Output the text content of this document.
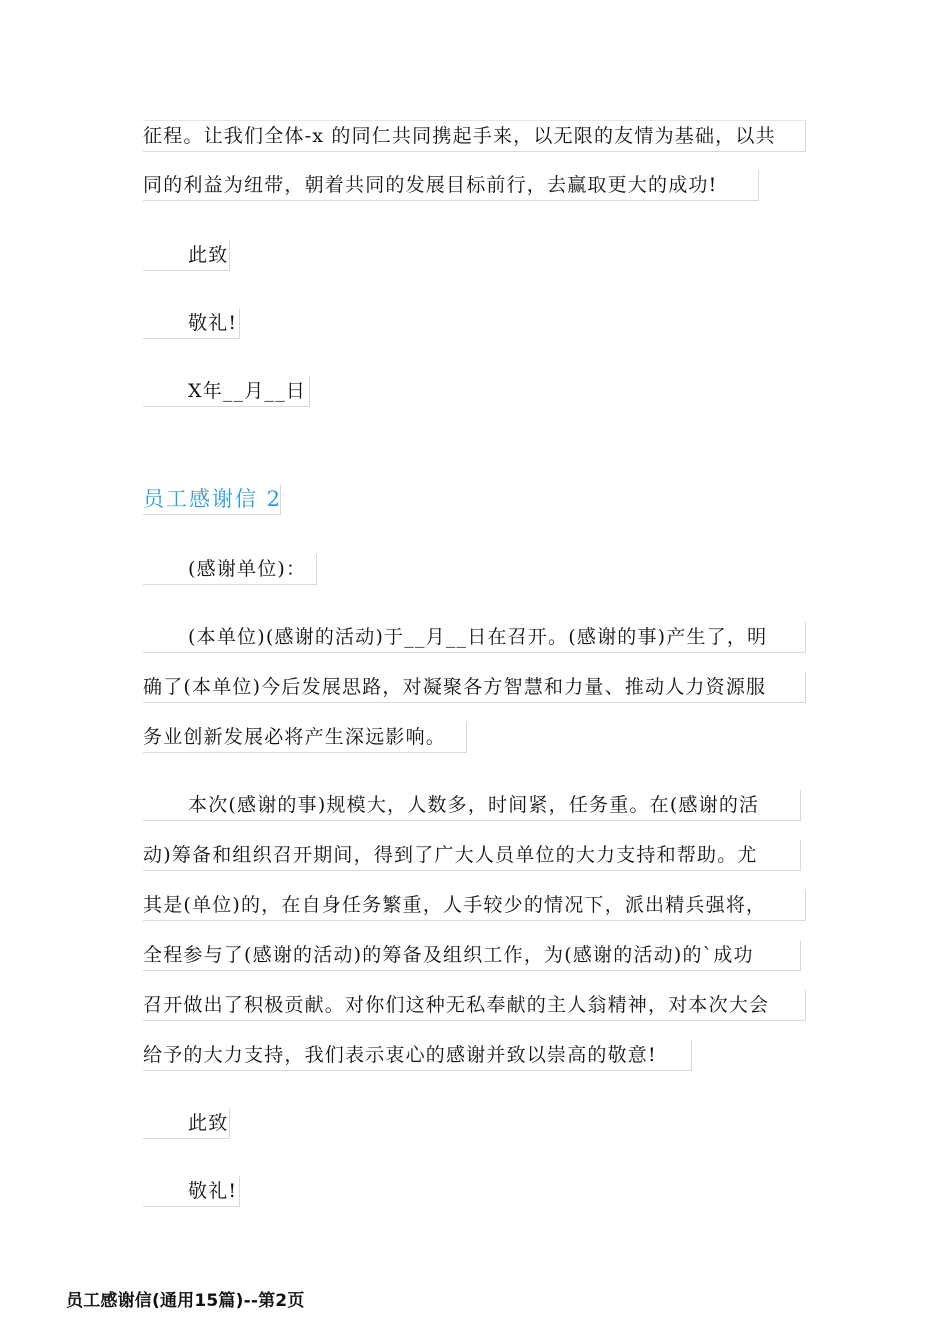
征程。让我们全体-x 的同仁共同携起手来，以无限的友情为基础，以共
同的利益为纽带，朝着共同的发展目标前行，去赢取更大的成功!
此致
敬礼!
X年__月__日
员工感谢信 2
(感谢单位)：
(本单位)(感谢的活动)于__月__日在召开。(感谢的事)产生了，明
确了(本单位)今后发展思路，对凝聚各方智慧和力量、推动人力资源服
务业创新发展必将产生深远影响。
本次(感谢的事)规模大，人数多，时间紧，任务重。在(感谢的活
动)筹备和组织召开期间，得到了广大人员单位的大力支持和帮助。尤
其是(单位)的，在自身任务繁重，人手较少的情况下，派出精兵强将，
全程参与了(感谢的活动)的筹备及组织工作，为(感谢的活动)的`成功
召开做出了积极贡献。对你们这种无私奉献的主人翁精神，对本次大会
给予的大力支持，我们表示衷心的感谢并致以崇高的敬意!
此致
敬礼!
员工感谢信(通用15篇)--第2页
